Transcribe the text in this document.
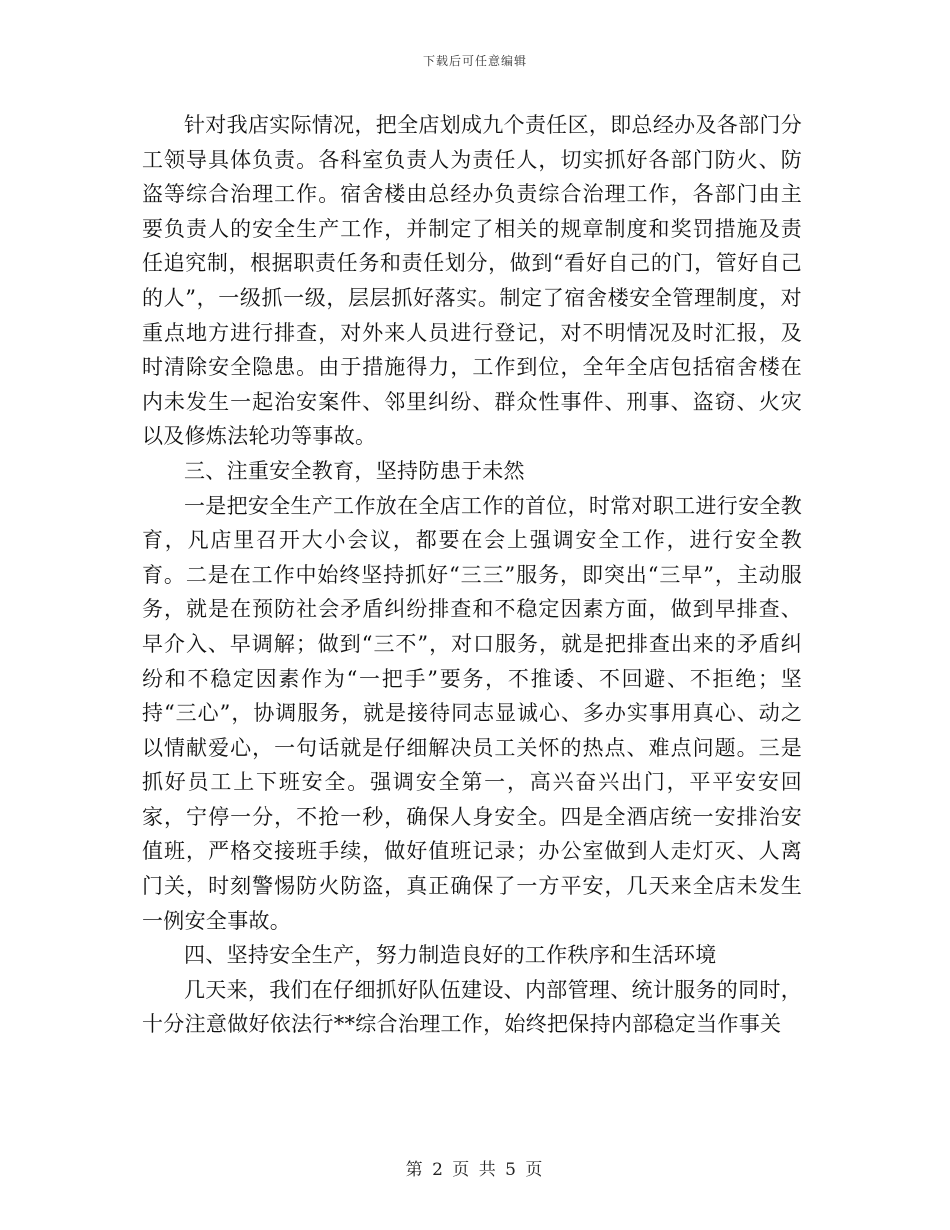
下载后可任意编辑

针对我店实际情况，把全店划成九个责任区，即总经办及各部门分工领导具体负责。各科室负责人为责任人，切实抓好各部门防火、防盗等综合治理工作。宿舍楼由总经办负责综合治理工作，各部门由主要负责人的安全生产工作，并制定了相关的规章制度和奖罚措施及责任追究制，根据职责任务和责任划分，做到“看好自己的门，管好自己的人”，一级抓一级，层层抓好落实。制定了宿舍楼安全管理制度，对重点地方进行排查，对外来人员进行登记，对不明情况及时汇报，及时清除安全隐患。由于措施得力，工作到位，全年全店包括宿舍楼在内未发生一起治安案件、邻里纠纷、群众性事件、刑事、盗窃、火灾以及修炼法轮功等事故。

三、注重安全教育，坚持防患于未然

一是把安全生产工作放在全店工作的首位，时常对职工进行安全教育，凡店里召开大小会议，都要在会上强调安全工作，进行安全教育。二是在工作中始终坚持抓好“三三”服务，即突出“三早”，主动服务，就是在预防社会矛盾纠纷排查和不稳定因素方面，做到早排查、早介入、早调解；做到“三不”，对口服务，就是把排查出来的矛盾纠纷和不稳定因素作为“一把手”要务，不推诿、不回避、不拒绝；坚持“三心”，协调服务，就是接待同志显诚心、多办实事用真心、动之以情献爱心，一句话就是仔细解决员工关怀的热点、难点问题。三是抓好员工上下班安全。强调安全第一，高兴奋兴出门，平平安安回家，宁停一分，不抢一秒，确保人身安全。四是全酒店统一安排治安值班，严格交接班手续，做好值班记录；办公室做到人走灯灭、人离门关，时刻警惕防火防盗，真正确保了一方平安，几天来全店未发生一例安全事故。

四、坚持安全生产，努力制造良好的工作秩序和生活环境

几天来，我们在仔细抓好队伍建设、内部管理、统计服务的同时，十分注意做好依法行**综合治理工作，始终把保持内部稳定当作事关

第 2 页 共 5 页
